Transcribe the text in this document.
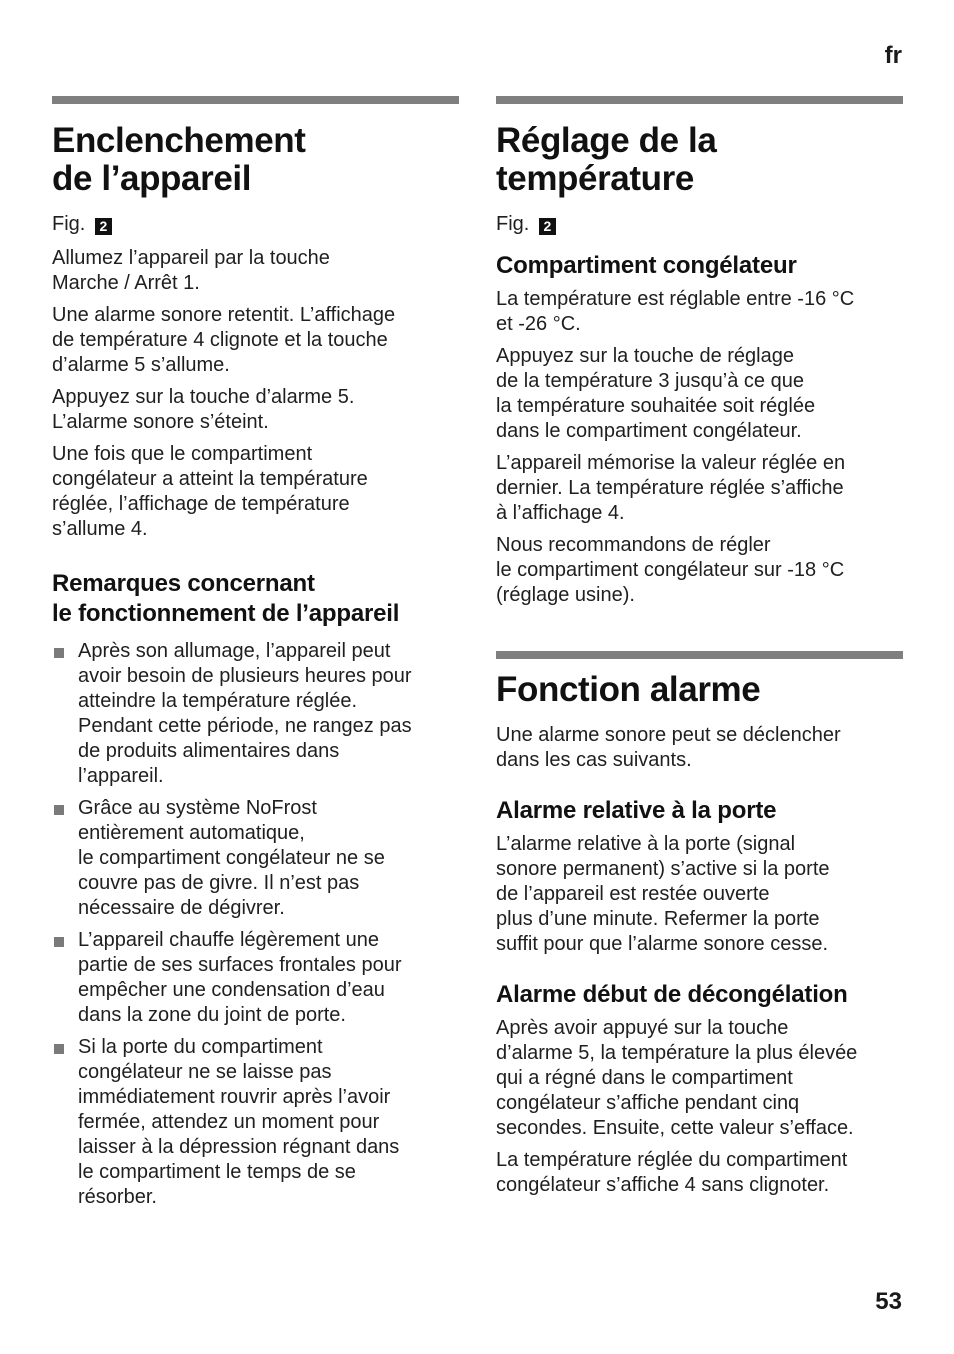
fr
Enclenchement
de l’appareil

Fig. 2

Allumez l’appareil par la touche
Marche / Arrêt 1.

Une alarme sonore retentit. L’affichage
de température 4 clignote et la touche
d’alarme 5 s’allume.

Appuyez sur la touche d’alarme 5.
L’alarme sonore s’éteint.

Une fois que le compartiment
congélateur a atteint la température
réglée, l’affichage de température
s’allume 4.

Remarques concernant
le fonctionnement de l’appareil
Après son allumage, l’appareil peut
avoir besoin de plusieurs heures pour
atteindre la température réglée.
Pendant cette période, ne rangez pas
de produits alimentaires dans
l’appareil.
Grâce au système NoFrost
entièrement automatique,
le compartiment congélateur ne se
couvre pas de givre. Il n’est pas
nécessaire de dégivrer.
L’appareil chauffe légèrement une
partie de ses surfaces frontales pour
empêcher une condensation d’eau
dans la zone du joint de porte.
Si la porte du compartiment
congélateur ne se laisse pas
immédiatement rouvrir après l’avoir
fermée, attendez un moment pour
laisser à la dépression régnant dans
le compartiment le temps de se
résorber.
Réglage de la
température

Fig. 2

Compartiment congélateur

La température est réglable entre -16 °C
et -26 °C.

Appuyez sur la touche de réglage
de la température 3 jusqu’à ce que
la température souhaitée soit réglée
dans le compartiment congélateur.

L’appareil mémorise la valeur réglée en
dernier. La température réglée s’affiche
à l’affichage 4.

Nous recommandons de régler
le compartiment congélateur sur -18 °C
(réglage usine).

Fonction alarme

Une alarme sonore peut se déclencher
dans les cas suivants.

Alarme relative à la porte

L’alarme relative à la porte (signal
sonore permanent) s’active si la porte
de l’appareil est restée ouverte
plus d’une minute. Refermer la porte
suffit pour que l’alarme sonore cesse.

Alarme début de décongélation

Après avoir appuyé sur la touche
d’alarme 5, la température la plus élevée
qui a régné dans le compartiment
congélateur s’affiche pendant cinq
secondes. Ensuite, cette valeur s’efface.

La température réglée du compartiment
congélateur s’affiche 4 sans clignoter.

53
